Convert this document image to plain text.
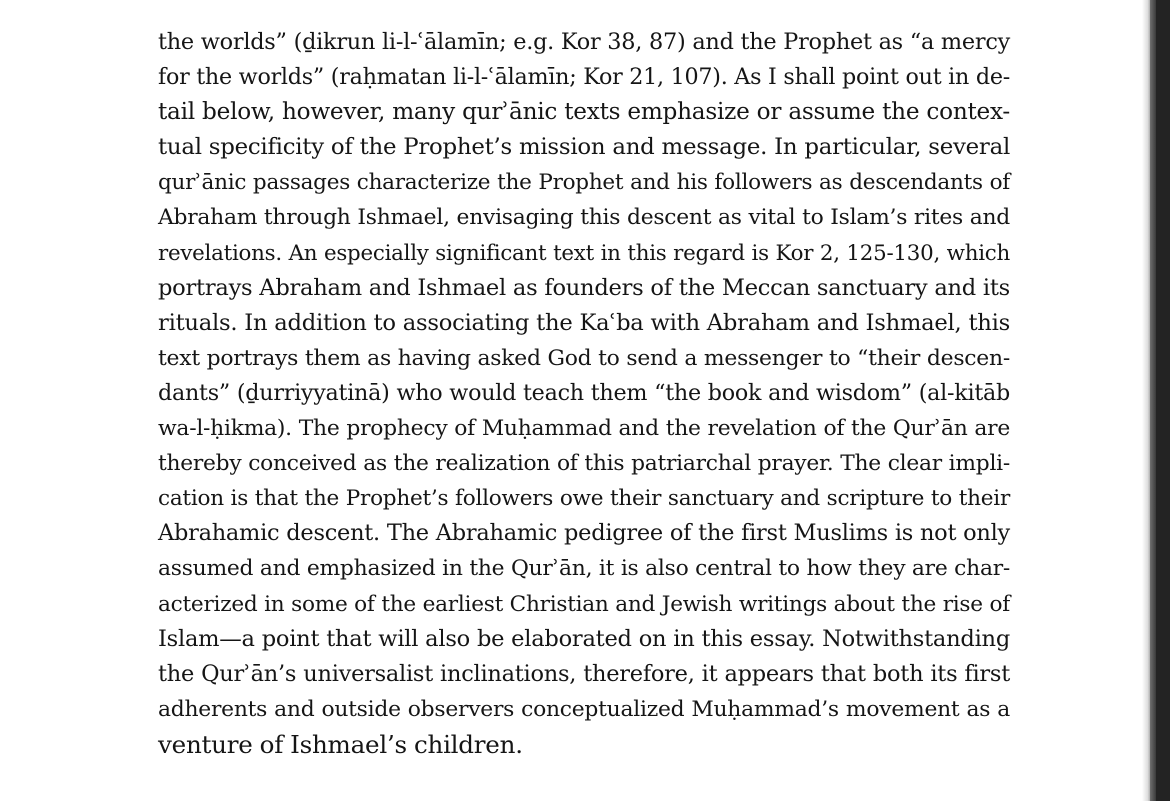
the worlds” (ḏikrun li-l-ʿālamīn; e.g. Kor 38, 87) and the Prophet as “a mercy
for the worlds” (raḥmatan li-l-ʿālamīn; Kor 21, 107). As I shall point out in de-
tail below, however, many qurʾānic texts emphasize or assume the contex-
tual specificity of the Prophet’s mission and message. In particular, several
qurʾānic passages characterize the Prophet and his followers as descendants of
Abraham through Ishmael, envisaging this descent as vital to Islam’s rites and
revelations. An especially significant text in this regard is Kor 2, 125-130, which
portrays Abraham and Ishmael as founders of the Meccan sanctuary and its
rituals. In addition to associating the Kaʿba with Abraham and Ishmael, this
text portrays them as having asked God to send a messenger to “their descen-
dants” (ḏurriyyatinā) who would teach them “the book and wisdom” (al-kitāb
wa-l-ḥikma). The prophecy of Muḥammad and the revelation of the Qurʾān are
thereby conceived as the realization of this patriarchal prayer. The clear impli-
cation is that the Prophet’s followers owe their sanctuary and scripture to their
Abrahamic descent. The Abrahamic pedigree of the first Muslims is not only
assumed and emphasized in the Qurʾān, it is also central to how they are char-
acterized in some of the earliest Christian and Jewish writings about the rise of
Islam—a point that will also be elaborated on in this essay. Notwithstanding
the Qurʾān’s universalist inclinations, therefore, it appears that both its first
adherents and outside observers conceptualized Muḥammad’s movement as a
venture of Ishmael’s children.
